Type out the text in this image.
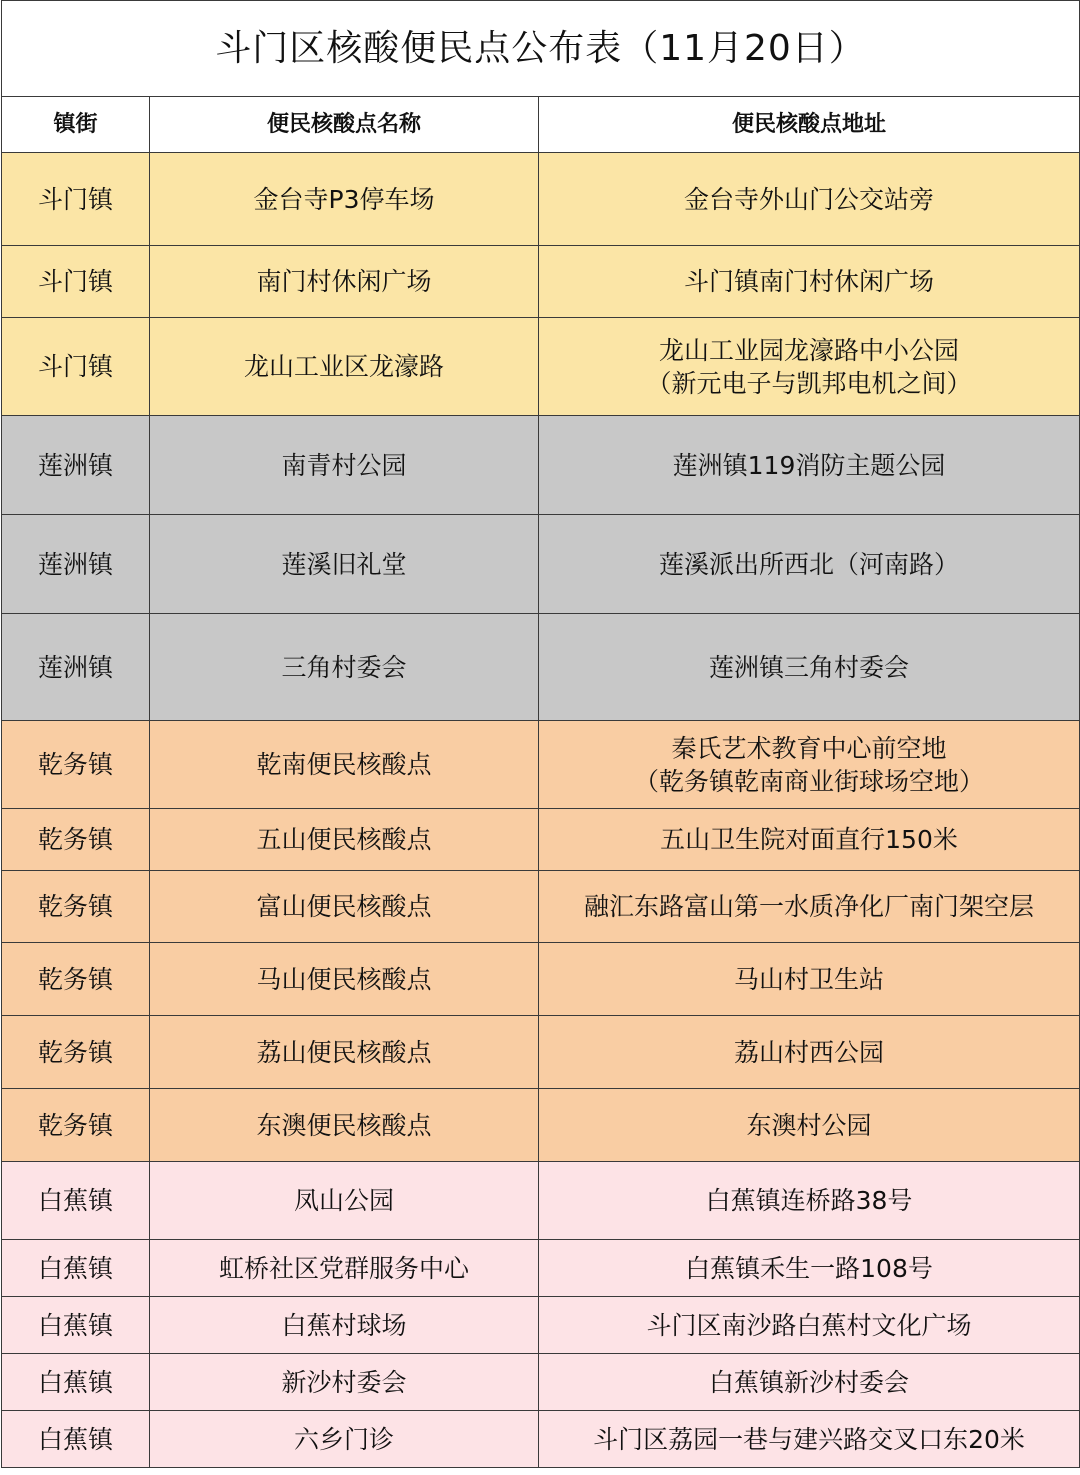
斗门区核酸便民点公布表（11月20日）		
镇街	便民核酸点名称	便民核酸点地址
斗门镇	金台寺P3停车场	金台寺外山门公交站旁

斗门镇	南门村休闲广场	斗门镇南门村休闲广场

斗门镇	龙山工业区龙濠路	龙山工业园龙濠路中小公园
（新元电子与凯邦电机之间）

莲洲镇	南青村公园	莲洲镇119消防主题公园

莲洲镇	莲溪旧礼堂	莲溪派出所西北（河南路）

莲洲镇	三角村委会	莲洲镇三角村委会

乾务镇	乾南便民核酸点	秦氏艺术教育中心前空地
（乾务镇乾南商业街球场空地）

乾务镇	五山便民核酸点	五山卫生院对面直行150米

乾务镇	富山便民核酸点	融汇东路富山第一水质净化厂南门架空层

乾务镇	马山便民核酸点	马山村卫生站

乾务镇	荔山便民核酸点	荔山村西公园

乾务镇	东澳便民核酸点	东澳村公园

白蕉镇	凤山公园	白蕉镇连桥路38号

白蕉镇	虹桥社区党群服务中心	白蕉镇禾生一路108号

白蕉镇	白蕉村球场	斗门区南沙路白蕉村文化广场

白蕉镇	新沙村委会	白蕉镇新沙村委会

白蕉镇	六乡门诊	斗门区荔园一巷与建兴路交叉口东20米
